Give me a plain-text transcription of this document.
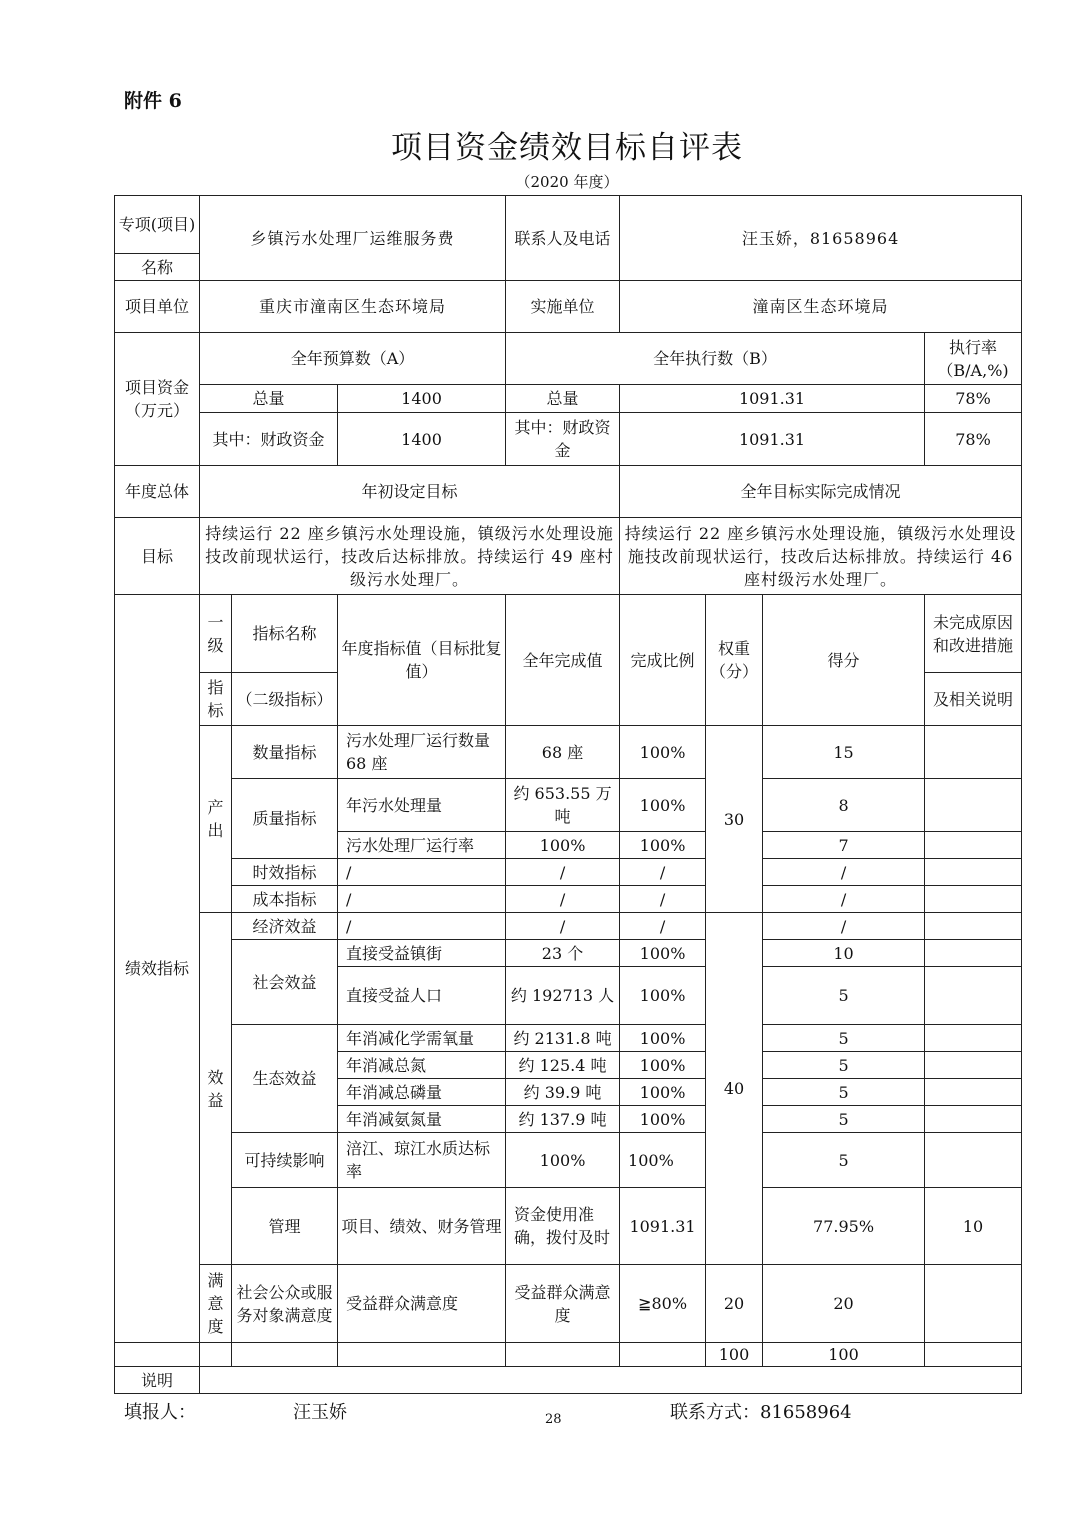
附件 6
项目资金绩效目标自评表
（2020 年度）
专项(项目)	乡镇污水处理厂运维服务费			联系人及电话	汪玉娇，81658964				
名称									
项目单位	重庆市潼南区生态环境局			实施单位	潼南区生态环境局				
项目资金（万元）	全年预算数（A）			全年执行数（B）				执行率（B/A,%)	
	总量		1400	总量	1091.31			78%	
	其中：财政资金		1400	其中：财政资金	1091.31			78%	
年度总体	年初设定目标				全年目标实际完成情况				
目标	持续运行 22 座乡镇污水处理设施，镇级污水处理设施技改前现状运行，技改后达标排放。持续运行 49 座村级污水处理厂。				持续运行 22 座乡镇污水处理设施，镇级污水处理设施技改前现状运行，技改后达标排放。持续运行 46 座村级污水处理厂。				
绩效指标	一级	指标名称	年度指标值（目标批复值）	全年完成值	完成比例	权重（分）	得分	未完成原因和改进措施	
	指标	（二级指标）						及相关说明	
	产出	数量指标	污水处理厂运行数量 68 座	68 座	100%	30	15		
		质量指标	年污水处理量	约 653.55 万吨	100%		8		
			污水处理厂运行率	100%	100%		7		
		时效指标	/	/	/		/		
		成本指标	/	/	/		/		
	效益	经济效益	/	/	/	40	/		
		社会效益	直接受益镇街	23 个	100%		10		
			直接受益人口	约 192713 人	100%		5		
		生态效益	年消减化学需氧量	约 2131.8 吨	100%		5		
			年消减总氮	约 125.4 吨	100%		5		
			年消减总磷量	约 39.9 吨	100%		5		
			年消减氨氮量	约 137.9 吨	100%		5		
		可持续影响	涪江、琼江水质达标率	100%	100%		5		
		管理	项目、绩效、财务管理	资金使用准确，拨付及时	1091.31		77.95%	10		
	满意度	社会公众或服务对象满意度	受益群众满意度	受益群众满意度	≧80%	20	20		
						100	100		
说明									
填报人：	汪玉娇	联系方式：81658964
28
